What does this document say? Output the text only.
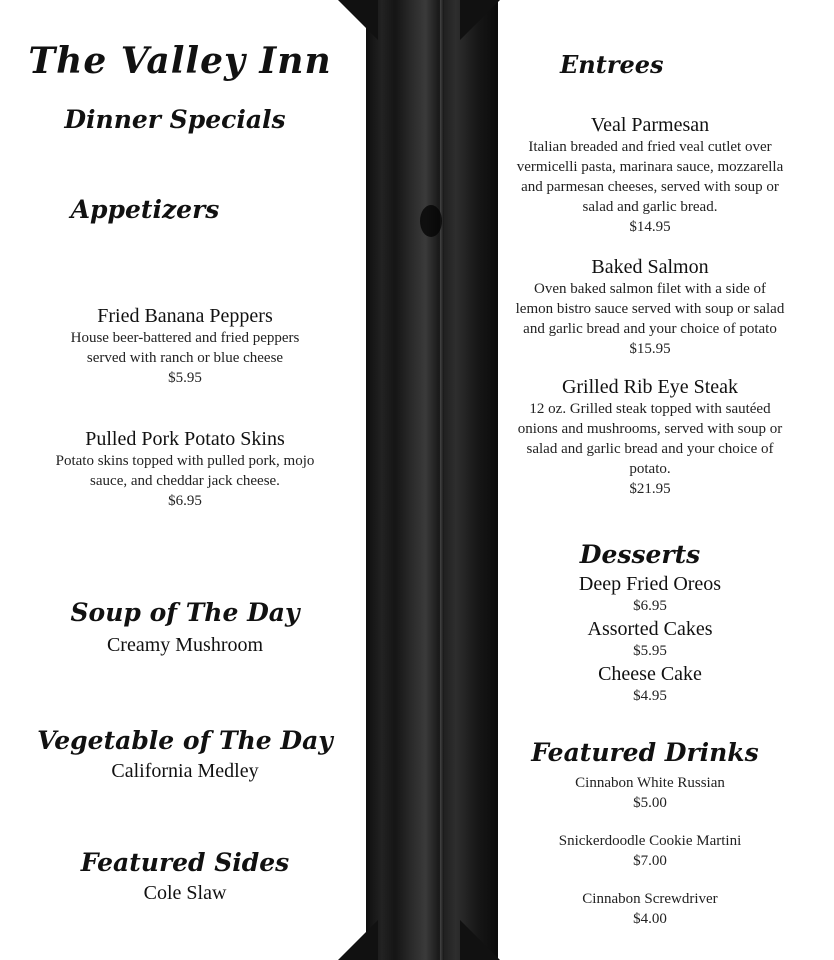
The Valley Inn
Dinner Specials
Appetizers
Fried Banana Peppers
House beer-battered and fried peppers
served with ranch or blue cheese
$5.95
Pulled Pork Potato Skins
Potato skins topped with pulled pork, mojo
sauce, and cheddar jack cheese.
$6.95
Soup of The Day
Creamy Mushroom
Vegetable of The Day
California Medley
Featured Sides
Cole Slaw
Entrees
Veal Parmesan
Italian breaded and fried veal cutlet over
vermicelli pasta, marinara sauce, mozzarella
and parmesan cheeses, served with soup or
salad and garlic bread.
$14.95
Baked Salmon
Oven baked salmon filet with a side of
lemon bistro sauce served with soup or salad
and garlic bread and your choice of potato
$15.95
Grilled Rib Eye Steak
12 oz. Grilled steak topped with sautéed
onions and mushrooms, served with soup or
salad and garlic bread and your choice of
potato.
$21.95
Desserts
Deep Fried Oreos
$6.95
Assorted Cakes
$5.95
Cheese Cake
$4.95
Featured Drinks
Cinnabon White Russian
$5.00
Snickerdoodle Cookie Martini
$7.00
Cinnabon Screwdriver
$4.00
